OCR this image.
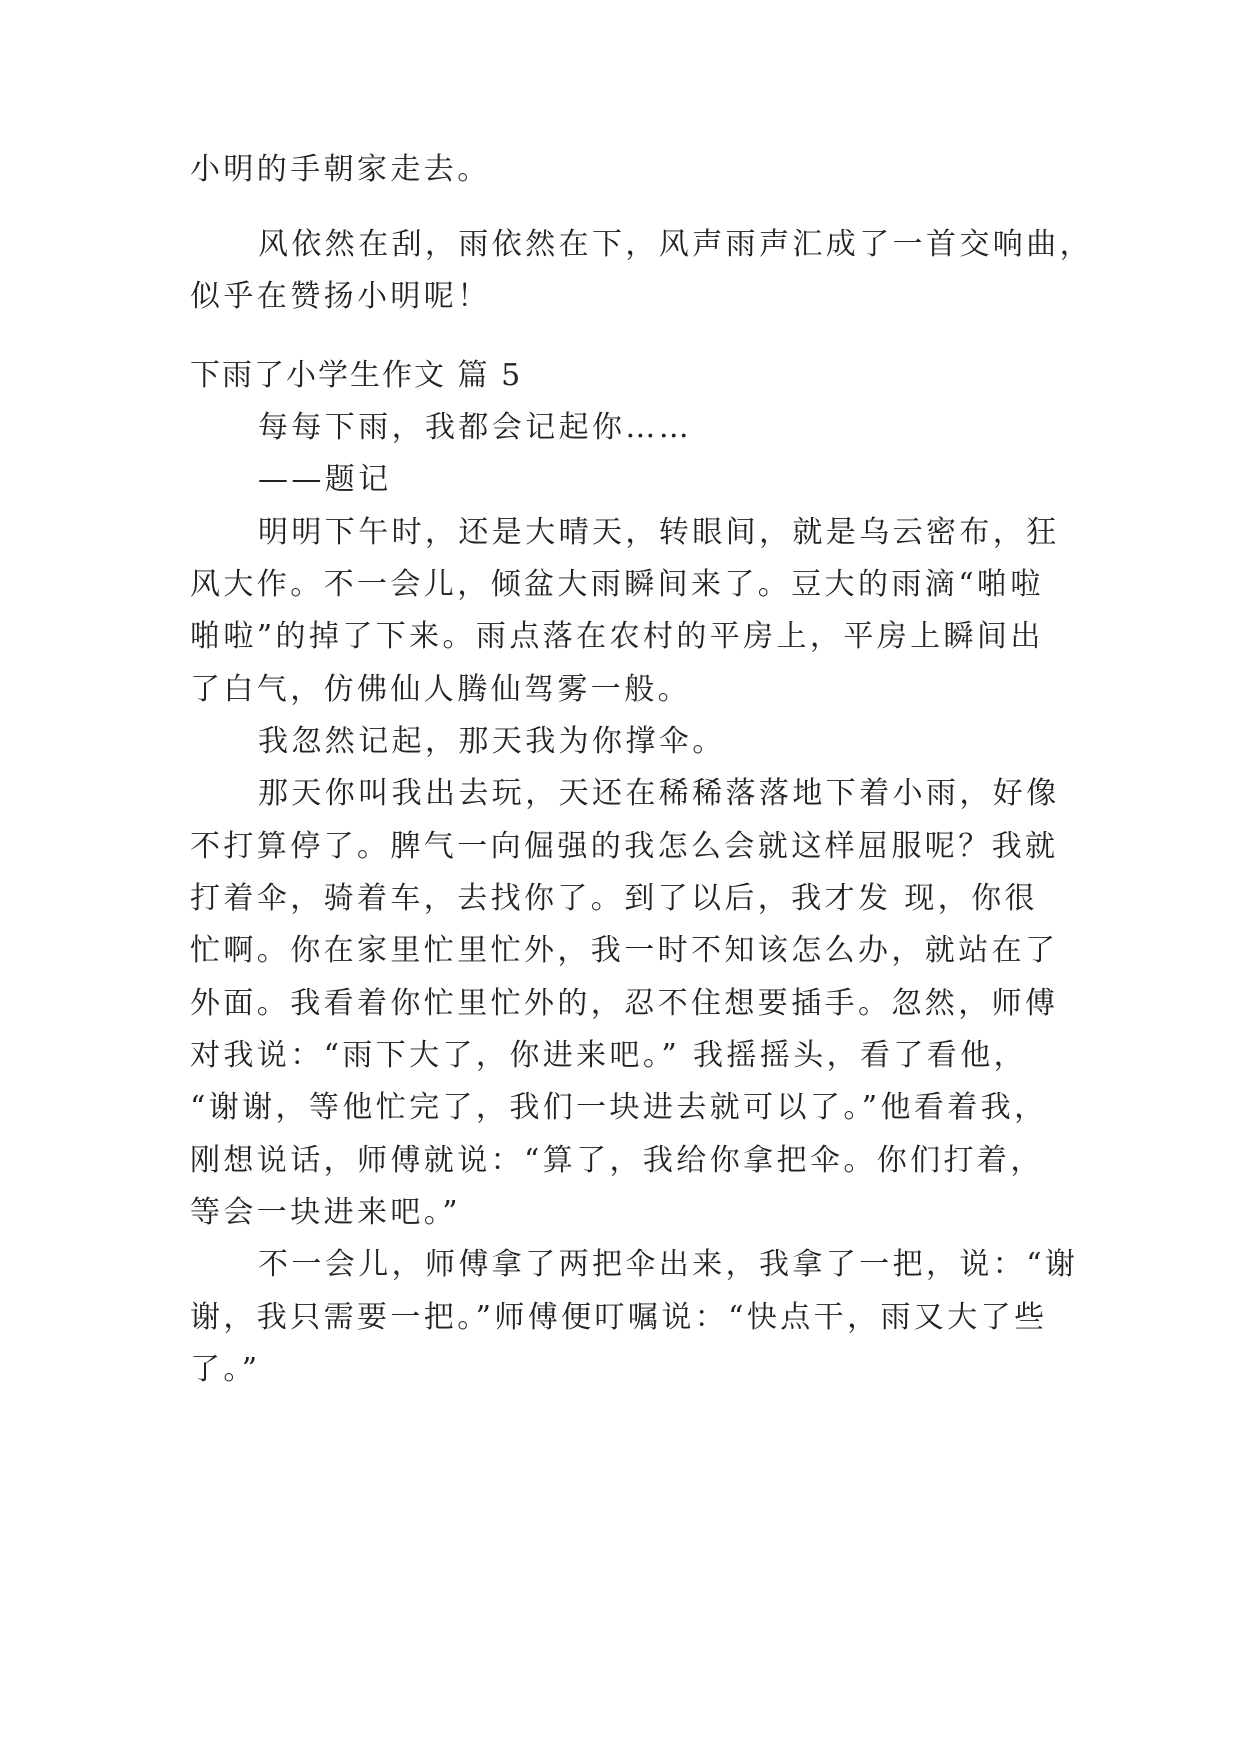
小明的手朝家走去。
风依然在刮，雨依然在下，风声雨声汇成了一首交响曲，
似乎在赞扬小明呢！
下雨了小学生作文 篇 5
每每下雨，我都会记起你……
——题记
明明下午时，还是大晴天，转眼间，就是乌云密布，狂
风大作。不一会儿，倾盆大雨瞬间来了。豆大的雨滴“啪啦
啪啦”的掉了下来。雨点落在农村的平房上，平房上瞬间出
了白气，仿佛仙人腾仙驾雾一般。
我忽然记起，那天我为你撑伞。
那天你叫我出去玩，天还在稀稀落落地下着小雨，好像
不打算停了。脾气一向倔强的我怎么会就这样屈服呢？我就
打着伞，骑着车，去找你了。到了以后，我才发 现，你很
忙啊。你在家里忙里忙外，我一时不知该怎么办，就站在了
外面。我看着你忙里忙外的，忍不住想要插手。忽然，师傅
对我说：“雨下大了，你进来吧。” 我摇摇头，看了看他，
“谢谢，等他忙完了，我们一块进去就可以了。”他看着我，
刚想说话，师傅就说：“算了，我给你拿把伞。你们打着，
等会一块进来吧。”
不一会儿，师傅拿了两把伞出来，我拿了一把，说：“谢
谢，我只需要一把。”师傅便叮嘱说：“快点干，雨又大了些
了。”
